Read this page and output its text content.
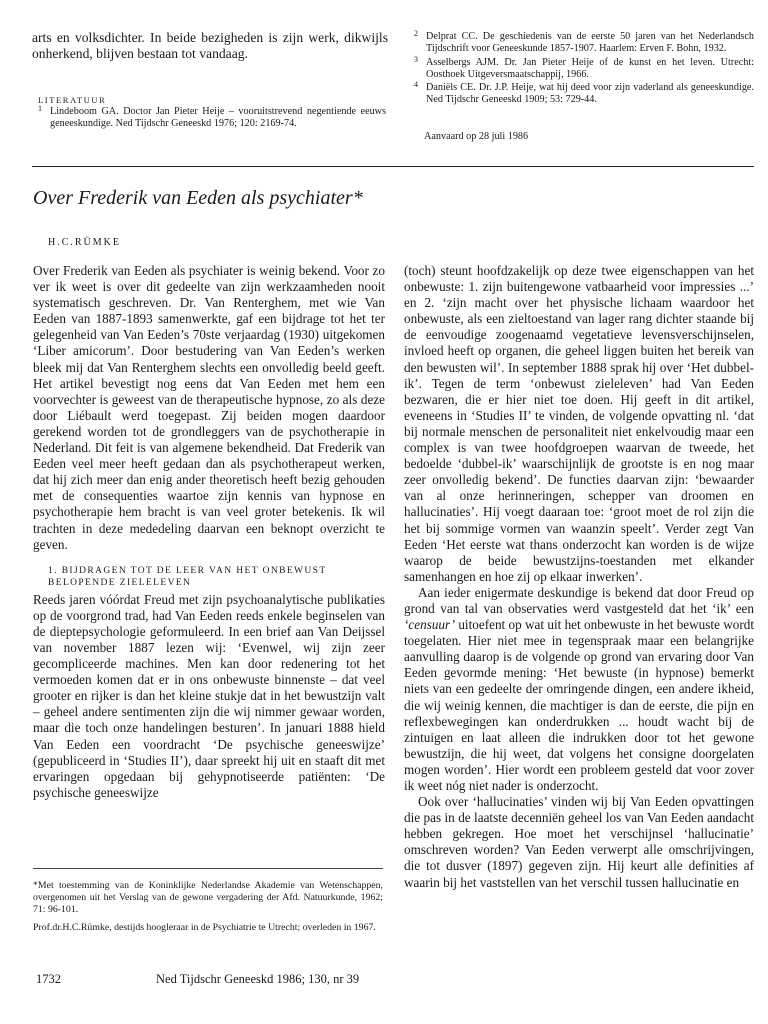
arts en volksdichter. In beide bezigheden is zijn werk, dikwijls onherkend, blijven bestaan tot vandaag.
LITERATUUR
1 Lindeboom GA. Doctor Jan Pieter Heije – vooruitstrevend negentiende eeuws geneeskundige. Ned Tijdschr Geneeskd 1976; 120: 2169-74.
2 Delprat CC. De geschiedenis van de eerste 50 jaren van het Nederlandsch Tijdschrift voor Geneeskunde 1857-1907. Haarlem: Erven F. Bohn, 1932.
3 Asselbergs AJM. Dr. Jan Pieter Heije of de kunst en het leven. Utrecht: Oosthoek Uitgeversmaatschappij, 1966.
4 Daniëls CE. Dr. J.P. Heije, wat hij deed voor zijn vaderland als geneeskundige. Ned Tijdschr Geneeskd 1909; 53: 729-44.
Aanvaard op 28 juli 1986
Over Frederik van Eeden als psychiater*
H.C.RÜMKE

Over Frederik van Eeden als psychiater is weinig bekend. Voor zo ver ik weet is over dit gedeelte van zijn werkzaamheden nooit systematisch geschreven. Dr. Van Renterghem, met wie Van Eeden van 1887-1893 samenwerkte, gaf een bijdrage tot het ter gelegenheid van Van Eeden’s 70ste verjaardag (1930) uitgekomen ‘Liber amicorum’. Door bestudering van Van Eeden’s werken bleek mij dat Van Renterghem slechts een onvolledig beeld geeft. Het artikel bevestigt nog eens dat Van Eeden met hem een voorvechter is geweest van de therapeutische hypnose, zo als deze door Liébault werd toegepast. Zij beiden mogen daardoor gerekend worden tot de grondleggers van de psychotherapie in Nederland. Dit feit is van algemene bekendheid. Dat Frederik van Eeden veel meer heeft gedaan dan als psychotherapeut werken, dat hij zich meer dan enig ander theoretisch heeft bezig gehouden met de consequenties waartoe zijn kennis van hypnose en psychotherapie hem bracht is van veel groter betekenis. Ik wil trachten in deze mededeling daarvan een beknopt overzicht te geven.

1. BIJDRAGEN TOT DE LEER VAN HET ONBEWUST BELOPENDE ZIELELEVEN

Reeds jaren vóórdat Freud met zijn psychoanalytische publikaties op de voorgrond trad, had Van Eeden reeds enkele beginselen van de dieptepsychologie geformuleerd. In een brief aan Van Deijssel van november 1887 lezen wij: ‘Evenwel, wij zijn zeer gecompliceerde machines. Men kan door redenering tot het vermoeden komen dat er in ons onbewuste binnenste – dat veel grooter en rijker is dan het kleine stukje dat in het bewustzijn valt – geheel andere sentimenten zijn die wij nimmer gewaar worden, maar die toch onze handelingen besturen’. In januari 1888 hield Van Eeden een voordracht ‘De psychische geneeswijze’ (gepubliceerd in ‘Studies II’), daar spreekt hij uit en staaft dit met ervaringen opgedaan bij gehypnotiseerde patiënten: ‘De psychische geneeswijze

*Met toestemming van de Koninklijke Nederlandse Akademie van Wetenschappen, overgenomen uit het Verslag van de gewone vergadering der Afd. Natuurkunde, 1962; 71: 96-101.

Prof.dr.H.C.Rümke, destijds hoogleraar in de Psychiatrie te Utrecht; overleden in 1967.

(toch) steunt hoofdzakelijk op deze twee eigenschappen van het onbewuste: 1. zijn buitengewone vatbaarheid voor impressies ...’ en 2. ‘zijn macht over het physische lichaam waardoor het onbewuste, als een zieltoestand van lager rang dichter staande bij de eenvoudige zoogenaamd vegetatieve levensverschijnselen, invloed heeft op organen, die geheel liggen buiten het bereik van den bewusten wil’. In september 1888 sprak hij over ‘Het dubbel-ik’. Tegen de term ‘onbewust zieleleven’ had Van Eeden bezwaren, die er hier niet toe doen. Hij geeft in dit artikel, eveneens in ‘Studies II’ te vinden, de volgende opvatting nl. ‘dat bij normale menschen de personaliteit niet enkelvoudig maar een complex is van twee hoofdgroepen waarvan de tweede, het bedoelde ‘dubbel-ik’ waarschijnlijk de grootste is en nog maar zeer onvolledig bekend’. De functies daarvan zijn: ‘bewaarder van al onze herinneringen, schepper van droomen en hallucinaties’. Hij voegt daaraan toe: ‘groot moet de rol zijn die het bij sommige vormen van waanzin speelt’. Verder zegt Van Eeden ‘Het eerste wat thans onderzocht kan worden is de wijze waarop de beide bewustzijns-toestanden met elkander samenhangen en hoe zij op elkaar inwerken’.

Aan ieder enigermate deskundige is bekend dat door Freud op grond van tal van observaties werd vastgesteld dat het ‘ik’ een ‘censuur’ uitoefent op wat uit het onbewuste in het bewuste wordt toegelaten. Hier niet mee in tegenspraak maar een belangrijke aanvulling daarop is de volgende op grond van ervaring door Van Eeden gevormde mening: ‘Het bewuste (in hypnose) bemerkt niets van een gedeelte der omringende dingen, een andere ikheid, die wij weinig kennen, die machtiger is dan de eerste, die pijn en reflexbewegingen kan onderdrukken ... houdt wacht bij de zintuigen en laat alleen die indrukken door tot het gewone bewustzijn, die hij weet, dat volgens het consigne doorgelaten mogen worden’. Hier wordt een probleem gesteld dat voor zover ik weet nóg niet nader is onderzocht.

Ook over ‘hallucinaties’ vinden wij bij Van Eeden opvattingen die pas in de laatste decenniën geheel los van Van Eeden aandacht hebben gekregen. Hoe moet het verschijnsel ‘hallucinatie’ omschreven worden? Van Eeden verwerpt alle omschrijvingen, die tot dusver (1897) gegeven zijn. Hij keurt alle definities af waarin bij het vaststellen van het verschil tussen hallucinatie en

1732	Ned Tijdschr Geneeskd 1986; 130, nr 39
